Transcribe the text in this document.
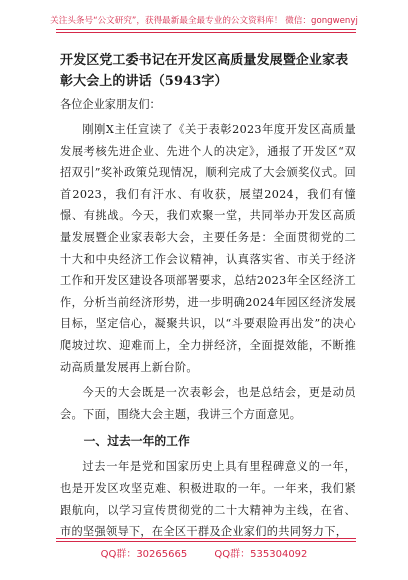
关注头条号“公文研究”，获得最新最全最专业的公文资料库！ 微信：gongwenyj
开发区党工委书记在开发区高质量发展暨企业家表彰大会上的讲话（5943字）

各位企业家朋友们：

刚刚X主任宣读了《关于表彰2023年度开发区高质量发展考核先进企业、先进个人的决定》，通报了开发区“双招双引”奖补政策兑现情况，顺利完成了大会颁奖仪式。回首2023，我们有汗水、有收获，展望2024，我们有憧憬、有挑战。今天，我们欢聚一堂，共同举办开发区高质量发展暨企业家表彰大会，主要任务是：全面贯彻党的二十大和中央经济工作会议精神，认真落实省、市关于经济工作和开发区建设各项部署要求，总结2023年全区经济工作，分析当前经济形势，进一步明确2024年园区经济发展目标，坚定信心，凝聚共识，以“斗要艰险再出发”的决心爬坡过坎、迎难而上，全力拼经济，全面提效能，不断推动高质量发展再上新台阶。

今天的大会既是一次表彰会，也是总结会，更是动员会。下面，围绕大会主题，我讲三个方面意见。

一、过去一年的工作

过去一年是党和国家历史上具有里程碑意义的一年，也是开发区攻坚克难、积极进取的一年。一年来，我们紧跟航向，以学习宣传贯彻党的二十大精神为主线，在省、市的坚强领导下，在全区干群及企业家们的共同努力下，

QQ群：30265665	QQ群：535304092
